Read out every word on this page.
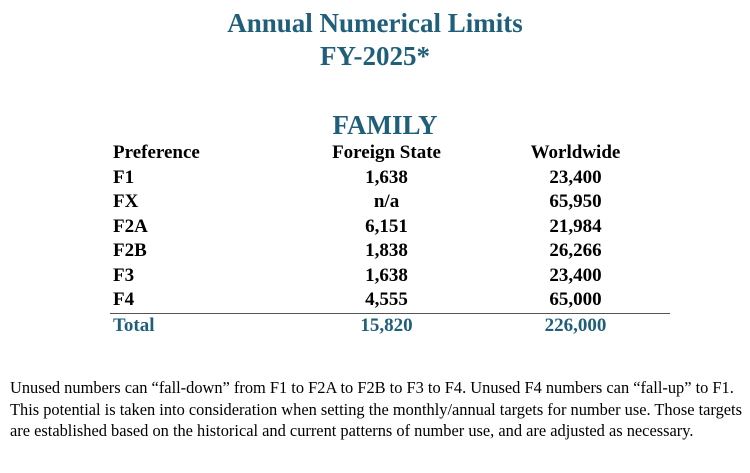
Annual Numerical Limits
FY-2025*
FAMILY
Preference	Foreign State	Worldwide
F1	1,638	23,400
FX	n/a	65,950
F2A	6,151	21,984
F2B	1,838	26,266
F3	1,638	23,400
F4	4,555	65,000
Total	15,820	226,000
Unused numbers can “fall-down” from F1 to F2A to F2B to F3 to F4. Unused F4 numbers can “fall-up” to F1. This potential is taken into consideration when setting the monthly/annual targets for number use. Those targets are established based on the historical and current patterns of number use, and are adjusted as necessary.
